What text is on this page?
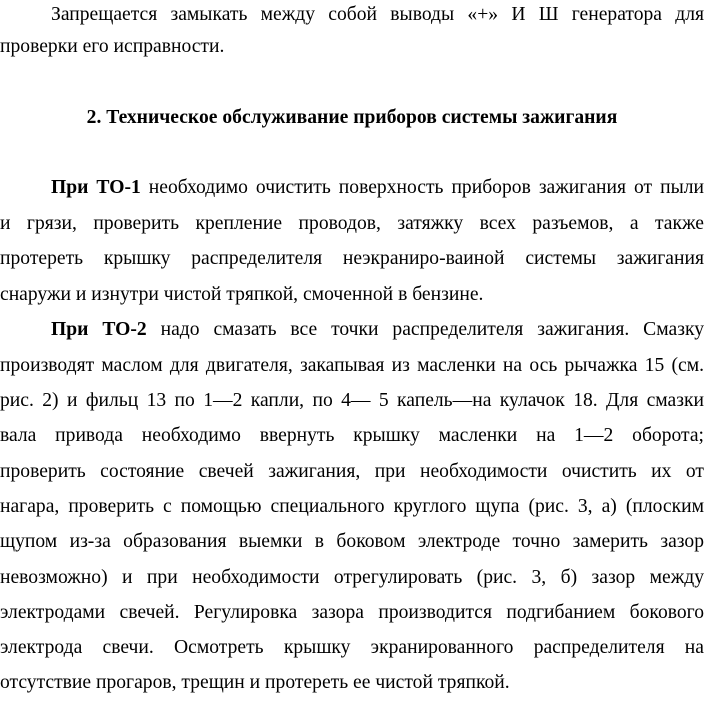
Запрещается замыкать между собой выводы «+» И Ш генератора для
проверки его исправности.
2. Техническое обслуживание приборов системы зажигания
При ТО-1 необходимо очистить поверхность приборов зажигания от пыли
и грязи, проверить крепление проводов, затяжку всех разъемов, а также
протереть крышку распределителя неэкраниро-ваиной системы зажигания
снаружи и изнутри чистой тряпкой, смоченной в бензине.
При ТО-2 надо смазать все точки распределителя зажигания. Смазку
производят маслом для двигателя, закапывая из масленки на ось рычажка 15 (см.
рис. 2) и фильц 13 по 1—2 капли, по 4— 5 капель—на кулачок 18. Для смазки
вала привода необходимо ввернуть крышку масленки на 1—2 оборота;
проверить состояние свечей зажигания, при необходимости очистить их от
нагара, проверить с помощью специального круглого щупа (рис. 3, а) (плоским
щупом из-за образования выемки в боковом электроде точно замерить зазор
невозможно) и при необходимости отрегулировать (рис. 3, б) зазор между
электродами свечей. Регулировка зазора производится подгибанием бокового
электрода свечи. Осмотреть крышку экранированного распределителя на
отсутствие прогаров, трещин и протереть ее чистой тряпкой.
